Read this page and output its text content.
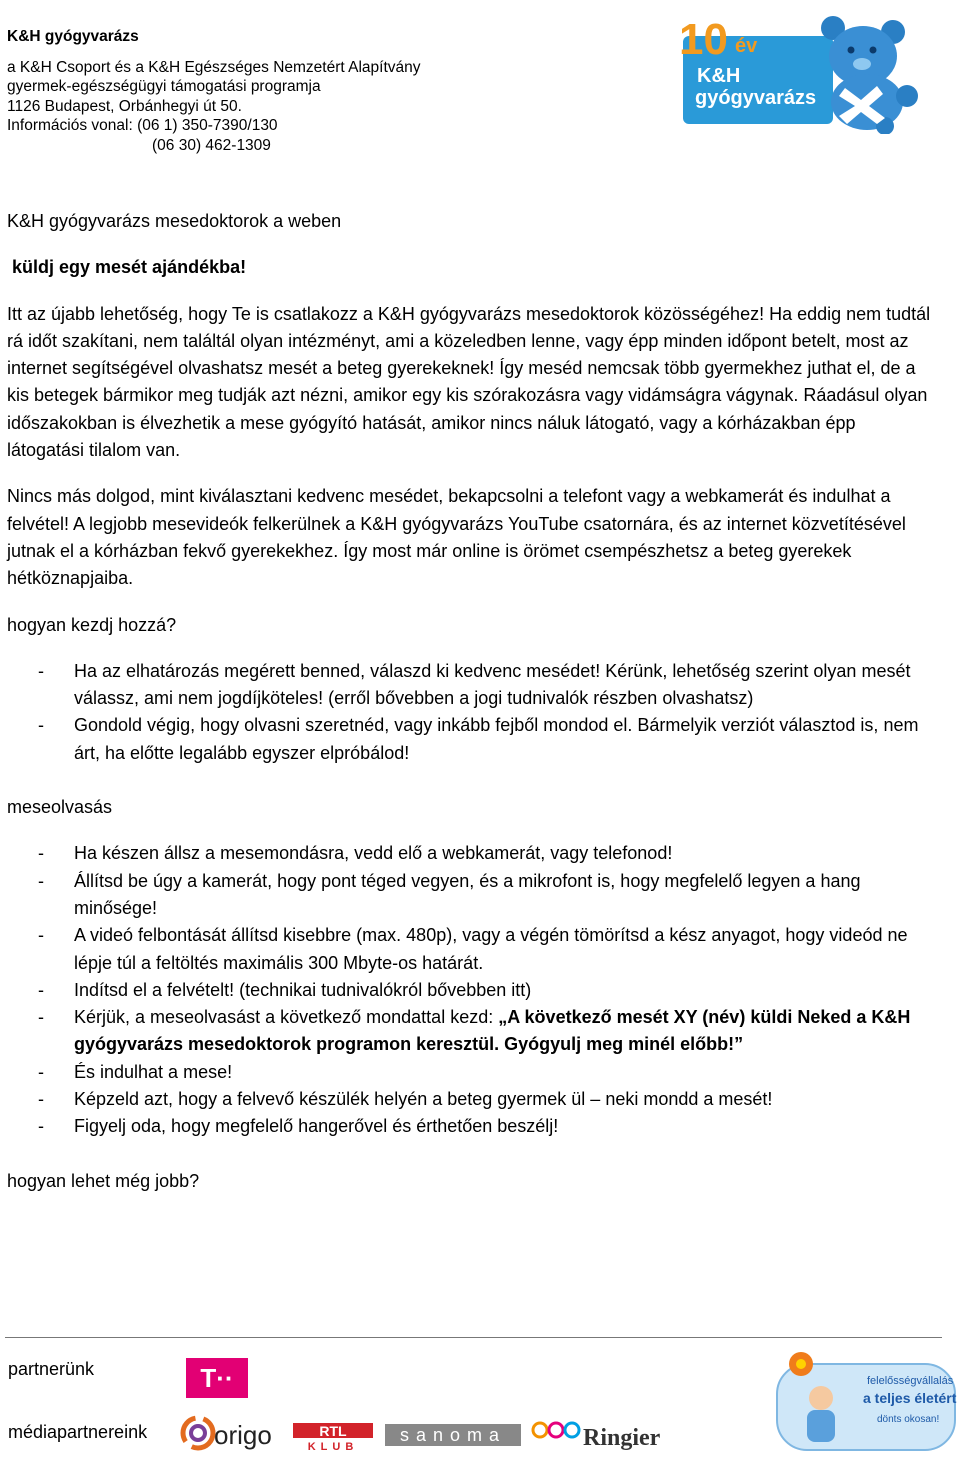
K&H gyógyvarázs
a K&H Csoport és a K&H Egészséges Nemzetért Alapítvány
gyermek-egészségügyi támogatási programja
1126 Budapest, Orbánhegyi út 50.
Információs vonal: (06 1) 350-7390/130
(06 30) 462-1309
10 év
K&H
gyógyvarázs

K&H gyógyvarázs mesedoktorok a weben

küldj egy mesét ajándékba!

Itt az újabb lehetőség, hogy Te is csatlakozz a K&H gyógyvarázs mesedoktorok közösségéhez! Ha eddig nem tudtál rá időt szakítani, nem találtál olyan intézményt, ami a közeledben lenne, vagy épp minden időpont betelt, most az internet segítségével olvashatsz mesét a beteg gyerekeknek! Így meséd nemcsak több gyermekhez juthat el, de a kis betegek bármikor meg tudják azt nézni, amikor egy kis szórakozásra vagy vidámságra vágynak. Ráadásul olyan időszakokban is élvezhetik a mese gyógyító hatását, amikor nincs náluk látogató, vagy a kórházakban épp látogatási tilalom van.

Nincs más dolgod, mint kiválasztani kedvenc mesédet, bekapcsolni a telefont vagy a webkamerát és indulhat a felvétel! A legjobb mesevideók felkerülnek a K&H gyógyvarázs YouTube csatornára, és az internet közvetítésével jutnak el a kórházban fekvő gyerekekhez. Így most már online is örömet csempészhetsz a beteg gyerekek hétköznapjaiba.

hogyan kezdj hozzá?

- Ha az elhatározás megérett benned, válaszd ki kedvenc mesédet! Kérünk, lehetőség szerint olyan mesét válassz, ami nem jogdíjköteles! (erről bővebben a jogi tudnivalók részben olvashatsz)
- Gondold végig, hogy olvasni szeretnéd, vagy inkább fejből mondod el. Bármelyik verziót választod is, nem árt, ha előtte legalább egyszer elpróbálod!

meseolvasás

- Ha készen állsz a mesemondásra, vedd elő a webkamerát, vagy telefonod!
- Állítsd be úgy a kamerát, hogy pont téged vegyen, és a mikrofont is, hogy megfelelő legyen a hang minősége!
- A videó felbontását állítsd kisebbre (max. 480p), vagy a végén tömörítsd a kész anyagot, hogy videód ne lépje túl a feltöltés maximális 300 Mbyte-os határát.
- Indítsd el a felvételt! (technikai tudnivalókról bővebben itt)
- Kérjük, a meseolvasást a következő mondattal kezd: „A következő mesét XY (név) küldi Neked a K&H gyógyvarázs mesedoktorok programon keresztül. Gyógyulj meg minél előbb!”
- És indulhat a mese!
- Képzeld azt, hogy a felvevő készülék helyén a beteg gyermek ül – neki mondd a mesét!
- Figyelj oda, hogy megfelelő hangerővel és érthetően beszélj!

hogyan lehet még jobb?

partnerünk
médiapartnereink
T··
origo	RTL
KLUB
sanoma	Ringier
felelősségvállalás
a teljes életért
dönts okosan!
